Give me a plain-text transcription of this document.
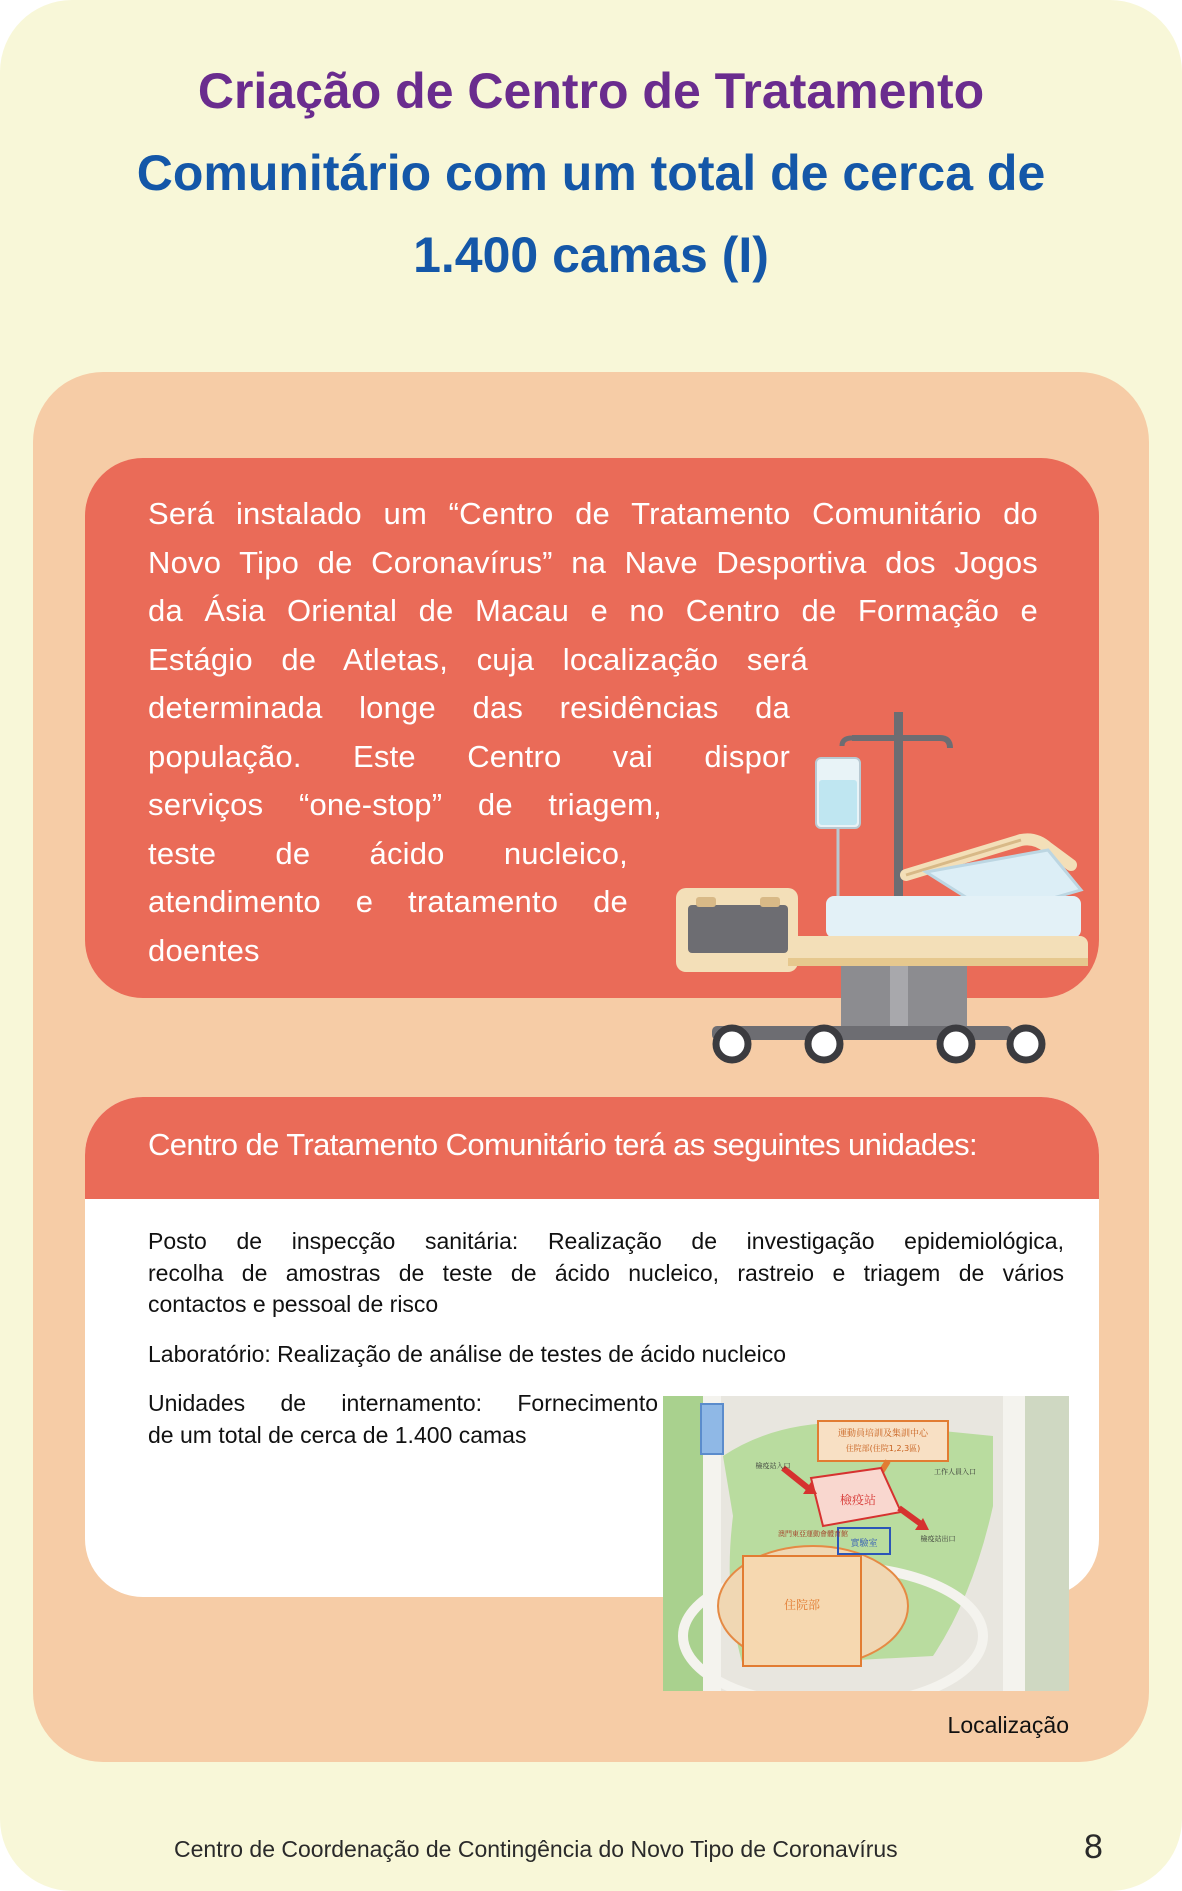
Criação de Centro de Tratamento
Comunitário com um total de cerca de
1.400 camas (I)
Será instalado um “Centro de Tratamento Comunitário do
Novo Tipo de Coronavírus” na Nave Desportiva dos Jogos
da Ásia Oriental de Macau e no Centro de Formação e
Estágio de Atletas, cuja localização será
determinada longe das residências da
população. Este Centro vai dispor
serviços “one-stop” de triagem,
teste de ácido nucleico,
atendimento e tratamento de
doentes
Centro de Tratamento Comunitário terá as seguintes unidades:
Posto de inspecção sanitária: Realização de investigação epidemiológica,
recolha de amostras de teste de ácido nucleico, rastreio e triagem de vários
contactos e pessoal de risco
Laboratório: Realização de análise de testes de ácido nucleico
Unidades de internamento: Fornecimento
de um total de cerca de 1.400 camas
住院部
運動員培訓及集訓中心
住院部(住院1,2,3區)
檢疫站
實驗室
澳門東亞運動會體育館
檢疫站入口
工作人員入口
檢疫站出口
Localização
Centro de Coordenação de Contingência do Novo Tipo de Coronavírus	8
